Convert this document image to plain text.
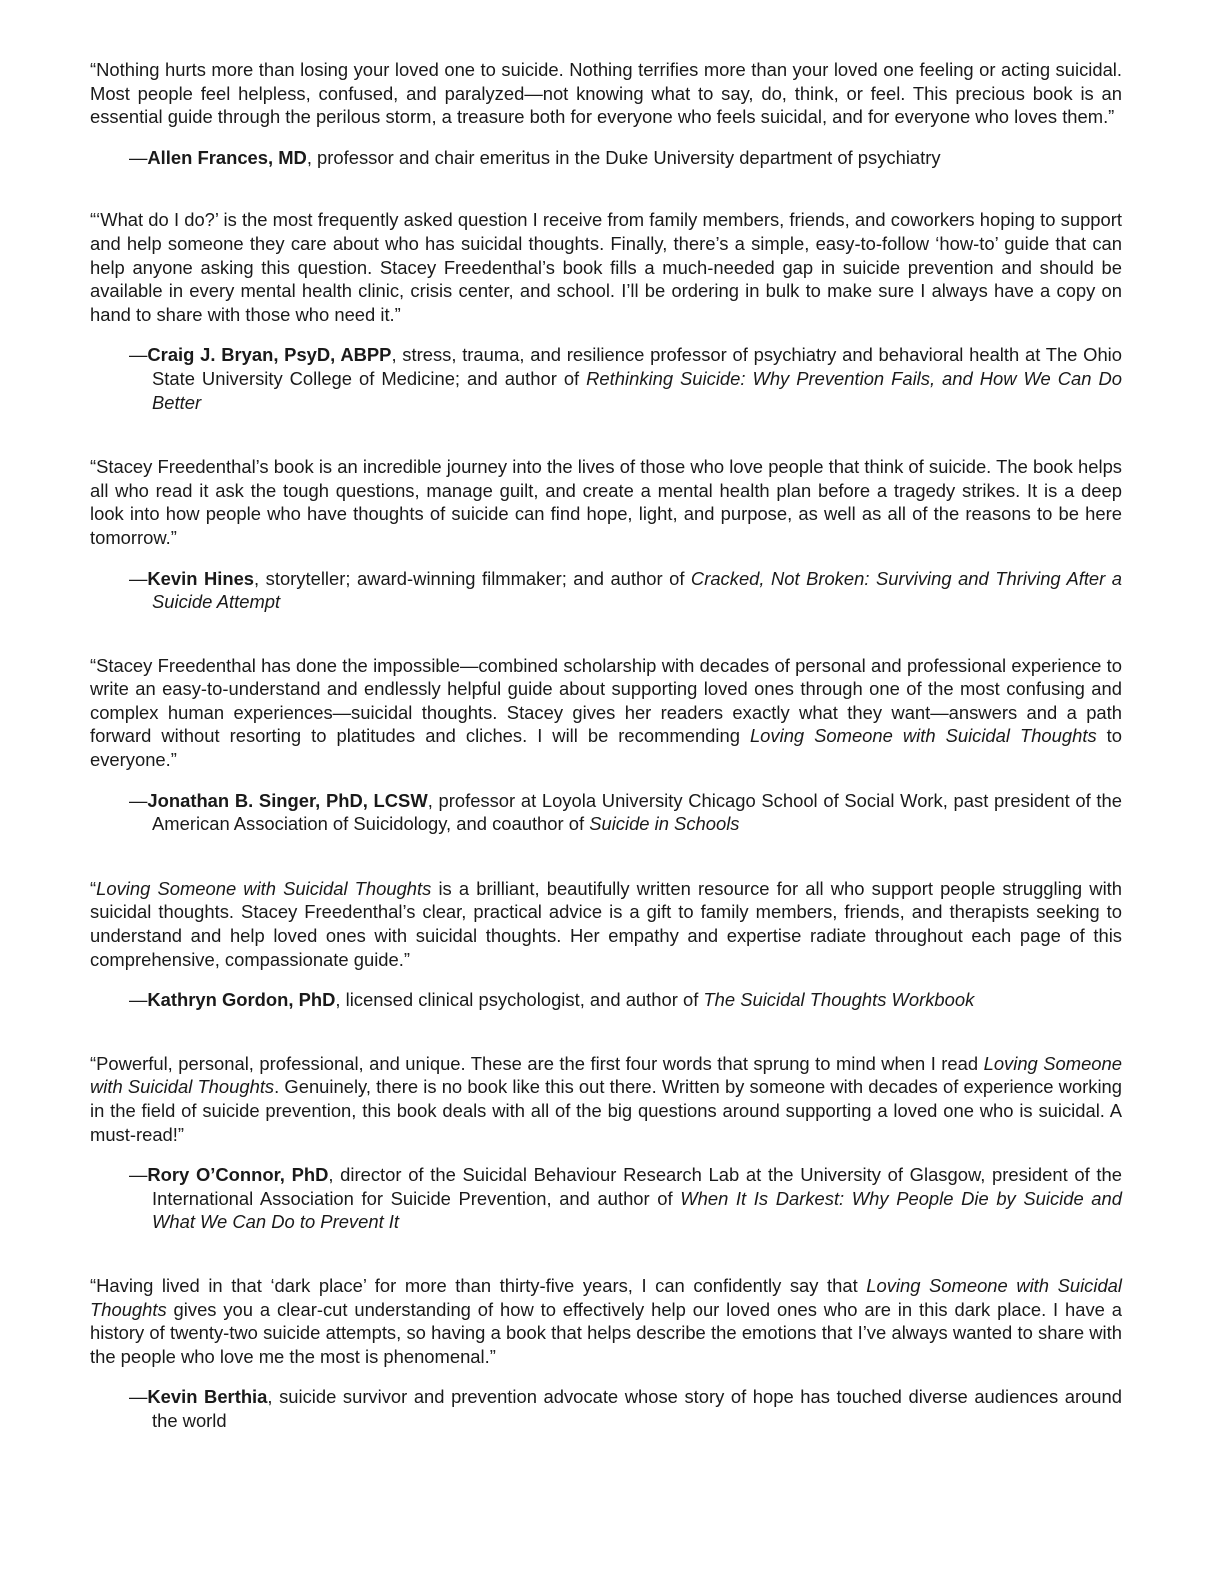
“Nothing hurts more than losing your loved one to suicide. Nothing terrifies more than your loved one feeling or acting suicidal. Most people feel helpless, confused, and paralyzed—not knowing what to say, do, think, or feel. This precious book is an essential guide through the perilous storm, a treasure both for everyone who feels suicidal, and for everyone who loves them.”

—Allen Frances, MD, professor and chair emeritus in the Duke University department of psychiatry

“‘What do I do?’ is the most frequently asked question I receive from family members, friends, and coworkers hoping to support and help someone they care about who has suicidal thoughts. Finally, there’s a simple, easy-to-follow ‘how-to’ guide that can help anyone asking this question. Stacey Freedenthal’s book fills a much-needed gap in suicide prevention and should be available in every mental health clinic, crisis center, and school. I’ll be ordering in bulk to make sure I always have a copy on hand to share with those who need it.”

—Craig J. Bryan, PsyD, ABPP, stress, trauma, and resilience professor of psychiatry and behavioral health at The Ohio State University College of Medicine; and author of Rethinking Suicide: Why Prevention Fails, and How We Can Do Better

“Stacey Freedenthal’s book is an incredible journey into the lives of those who love people that think of suicide. The book helps all who read it ask the tough questions, manage guilt, and create a mental health plan before a tragedy strikes. It is a deep look into how people who have thoughts of suicide can find hope, light, and purpose, as well as all of the reasons to be here tomorrow.”

—Kevin Hines, storyteller; award-winning filmmaker; and author of Cracked, Not Broken: Surviving and Thriving After a Suicide Attempt

“Stacey Freedenthal has done the impossible—combined scholarship with decades of personal and professional experience to write an easy-to-understand and endlessly helpful guide about supporting loved ones through one of the most confusing and complex human experiences—suicidal thoughts. Stacey gives her readers exactly what they want—answers and a path forward without resorting to platitudes and cliches. I will be recommending Loving Someone with Suicidal Thoughts to everyone.”

—Jonathan B. Singer, PhD, LCSW, professor at Loyola University Chicago School of Social Work, past president of the American Association of Suicidology, and coauthor of Suicide in Schools

“Loving Someone with Suicidal Thoughts is a brilliant, beautifully written resource for all who support people struggling with suicidal thoughts. Stacey Freedenthal’s clear, practical advice is a gift to family members, friends, and therapists seeking to understand and help loved ones with suicidal thoughts. Her empathy and expertise radiate throughout each page of this comprehensive, compassionate guide.”

—Kathryn Gordon, PhD, licensed clinical psychologist, and author of The Suicidal Thoughts Workbook

“Powerful, personal, professional, and unique. These are the first four words that sprung to mind when I read Loving Someone with Suicidal Thoughts. Genuinely, there is no book like this out there. Written by someone with decades of experience working in the field of suicide prevention, this book deals with all of the big questions around supporting a loved one who is suicidal. A must-read!”

—Rory O’Connor, PhD, director of the Suicidal Behaviour Research Lab at the University of Glasgow, president of the International Association for Suicide Prevention, and author of When It Is Darkest: Why People Die by Suicide and What We Can Do to Prevent It

“Having lived in that ‘dark place’ for more than thirty-five years, I can confidently say that Loving Someone with Suicidal Thoughts gives you a clear-cut understanding of how to effectively help our loved ones who are in this dark place. I have a history of twenty-two suicide attempts, so having a book that helps describe the emotions that I’ve always wanted to share with the people who love me the most is phenomenal.”

—Kevin Berthia, suicide survivor and prevention advocate whose story of hope has touched diverse audiences around the world
